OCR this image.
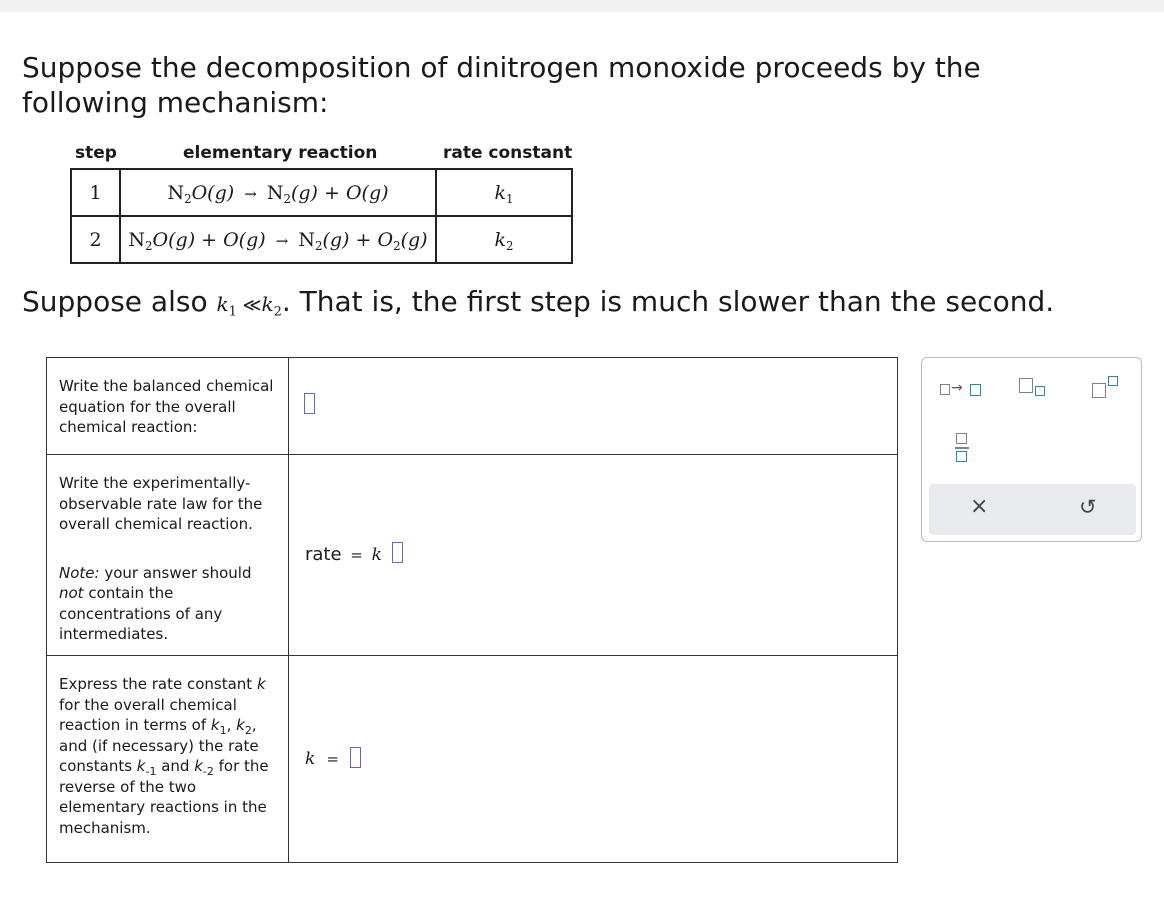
Suppose the decomposition of dinitrogen monoxide proceeds by the following mechanism:
step	elementary reaction	rate constant
1	$N_2O(g) \to N_2(g) + O(g)$	$k_1$
2	$N_2O(g) + O(g) \to N_2(g) + O_2(g)$	$k_2$
Suppose also $k_1$ $≪k_2$. That is, the first step is much slower than the second.
Write the balanced chemical equation for the overall chemical reaction:
Write the experimentally-observable rate law for the overall chemical reaction.
Note: your answer should not contain the concentrations of any intermediates.
rate = k
Express the rate constant k for the overall chemical reaction in terms of $k_1$, $k_2$, and (if necessary) the rate constants $k_{-1}$ and $k_{-2}$ for the reverse of the two elementary reactions in the mechanism.
k =
→
×	↺
